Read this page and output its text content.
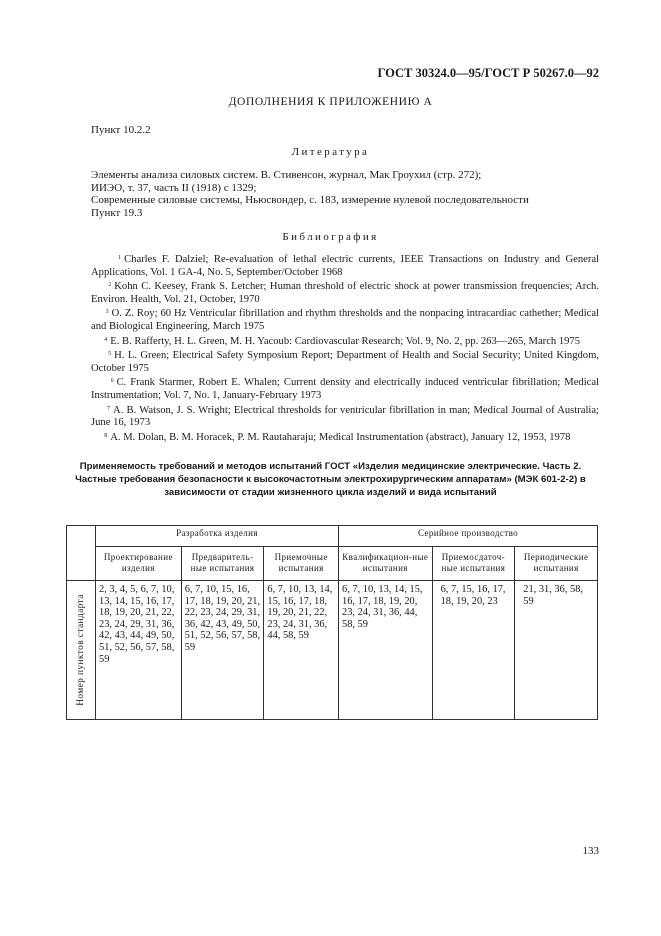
ГОСТ 30324.0—95/ГОСТ Р 50267.0—92
ДОПОЛНЕНИЯ К ПРИЛОЖЕНИЮ А
Пункт 10.2.2
Литература
Элементы анализа силовых систем. В. Стивенсон, журнал, Мак Гроухил (стр. 272);
ИИЭО, т. 37, часть II (1918) с 1329;
Современные силовые системы, Ньюсвондер, с. 183, измерение нулевой последовательности
Пункт 19.3
Библиография

$^1$ Charles F. Dalziel; Re-evaluation of lethal electric currents, IEEE Transactions on Industry and General Applications, Vol. 1 GA-4, No. 5, September/October 1968

$^2$ Kohn C. Keesey, Frank S. Letcher; Human threshold of electric shock at power transmission frequencies; Arch. Environ. Health, Vol. 21, October, 1970

$^3$ O. Z. Roy; 60 Hz Ventricular fibrillation and rhythm thresholds and the nonpacing intracardiac cathether; Medical and Biological Engineering, March 1975

$^4$ E. B. Rafferty, H. L. Green, M. H. Yacoub: Cardiovascular Research; Vol. 9, No. 2, pp. 263—265, March 1975

$^5$ H. L. Green; Electrical Safety Symposium Report; Department of Health and Social Security; United Kingdom, October 1975

$^6$ C. Frank Starmer, Robert E. Whalen; Current density and electrically induced ventricular fibrillation; Medical Instrumentation; Vol. 7, No. 1, January-February 1973

$^7$ A. B. Watson, J. S. Wright; Electrical thresholds for ventricular fibrillation in man; Medical Journal of Australia; June 16, 1973

$^8$ A. M. Dolan, B. M. Horacek, P. M. Rautaharaju; Medical Instrumentation (abstract), January 12, 1953, 1978

Применяемость требований и методов испытаний ГОСТ «Изделия медицинские электрические. Часть 2. Частные требования безопасности к высокочастотным электрохирургическим аппаратам» (МЭК 601-2-2) в зависимости от стадии жизненного цикла изделий и вида испытаний
	Разработка изделия			Серийное производство		
	Проектирование изделия	Предваритель-ные испытания	Приемочные испытания	Квалификацион-ные испытания	Приемосдаточ-ные испытания	Периодические испытания

Номер пунктов стандарта	2, 3, 4, 5, 6, 7, 10, 13, 14, 15, 16, 17, 18, 19, 20, 21, 22, 23, 24, 29, 31, 36, 42, 43, 44, 49, 50, 51, 52, 56, 57, 58, 59	6, 7, 10, 15, 16, 17, 18, 19, 20, 21, 22, 23, 24, 29, 31, 36, 42, 43, 49, 50, 51, 52, 56, 57, 58, 59	6, 7, 10, 13, 14, 15, 16, 17, 18, 19, 20, 21, 22, 23, 24, 31, 36, 44, 58, 59	6, 7, 10, 13, 14, 15, 16, 17, 18, 19, 20, 23, 24, 31, 36, 44, 58, 59	6, 7, 15, 16, 17, 18, 19, 20, 23	21, 31, 36, 58, 59
133
